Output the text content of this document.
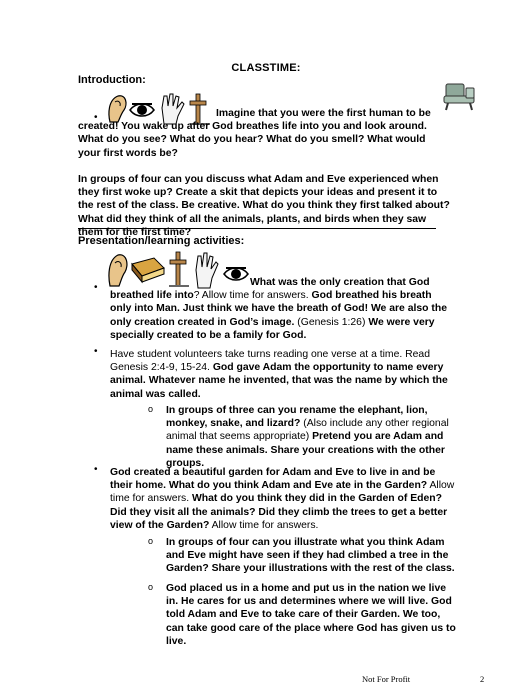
CLASSTIME:
Introduction:
•	Imagine that you were the first human to be created! You wake up after God breathes life into you and look around. What do you see? What do you hear? What do you smell? What would your first words be?
In groups of four can you discuss what Adam and Eve experienced when they first woke up? Create a skit that depicts your ideas and present it to the rest of the class. Be creative. What do you think they first talked about? What did they think of all the animals, plants, and birds when they saw them for the first time?
Presentation/learning activities:
•	What was the only creation that God breathed life into? Allow time for answers. God breathed his breath only into Man. Just think we have the breath of God! We are also the only creation created in God’s image. (Genesis 1:26) We were very specially created to be a family for God.
• Have student volunteers take turns reading one verse at a time. Read Genesis 2:4-9, 15-24. God gave Adam the opportunity to name every animal. Whatever name he invented, that was the name by which the animal was called.
o In groups of three can you rename the elephant, lion, monkey, snake, and lizard? (Also include any other regional animal that seems appropriate) Pretend you are Adam and name these animals. Share your creations with the other groups.
• God created a beautiful garden for Adam and Eve to live in and be their home. What do you think Adam and Eve ate in the Garden? Allow time for answers. What do you think they did in the Garden of Eden? Did they visit all the animals? Did they climb the trees to get a better view of the Garden? Allow time for answers.
o In groups of four can you illustrate what you think Adam and Eve might have seen if they had climbed a tree in the Garden? Share your illustrations with the rest of the class.
o God placed us in a home and put us in the nation we live in. He cares for us and determines where we will live. God told Adam and Eve to take care of their Garden. We too, can take good care of the place where God has given us to live.
Not For Profit	2
